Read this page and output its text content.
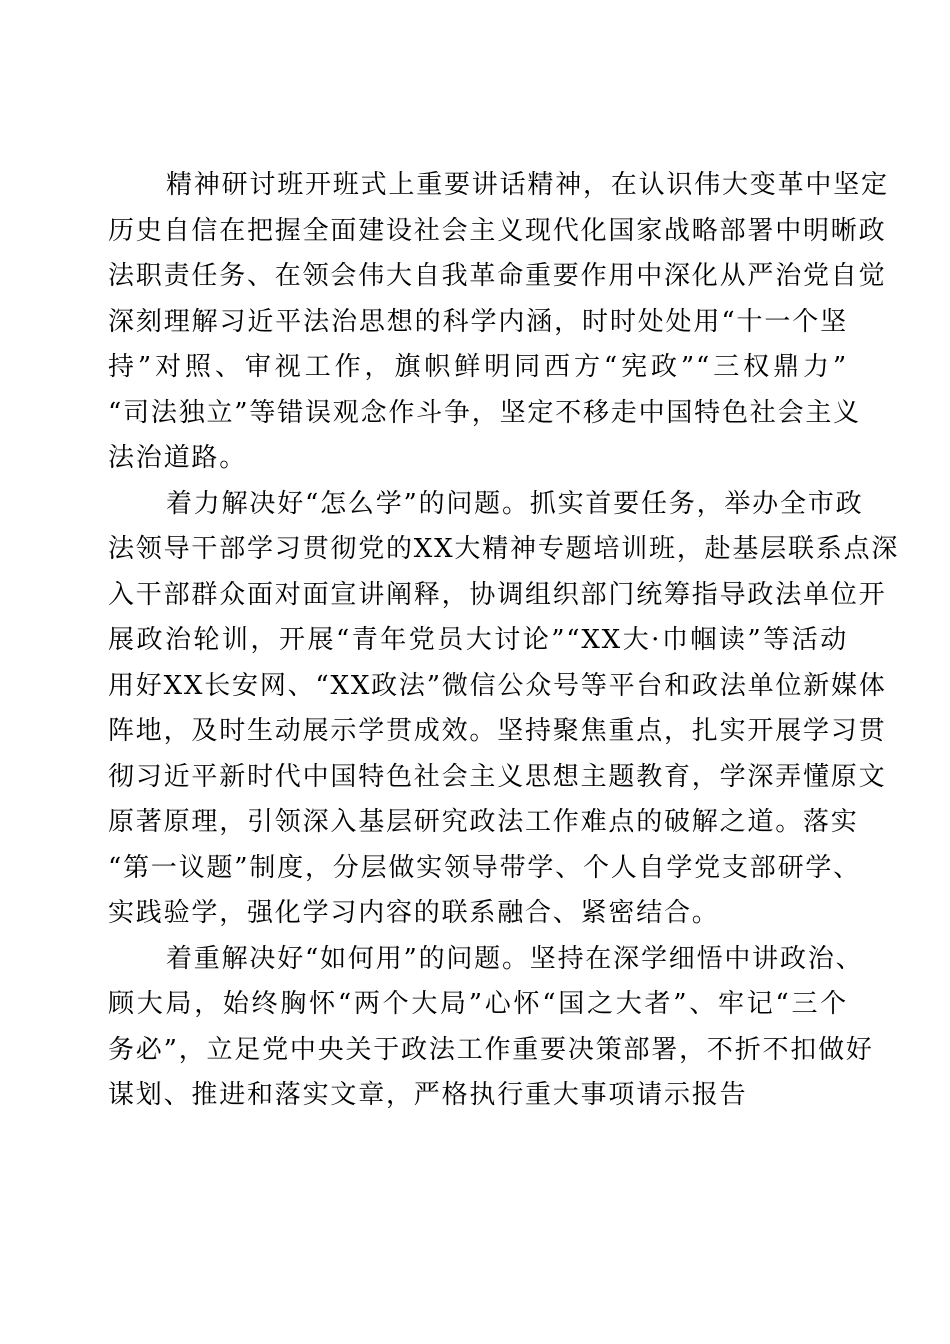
精神研讨班开班式上重要讲话精神，在认识伟大变革中坚定
历史自信在把握全面建设社会主义现代化国家战略部署中明晰政
法职责任务、在领会伟大自我革命重要作用中深化从严治党自觉
深刻理解习近平法治思想的科学内涵，时时处处用“十一个坚
持”对照、审视工作，旗帜鲜明同西方“宪政”“三权鼎力”
“司法独立”等错误观念作斗争，坚定不移走中国特色社会主义
法治道路。
着力解决好“怎么学”的问题。抓实首要任务，举办全市政
法领导干部学习贯彻党的XX大精神专题培训班，赴基层联系点深
入干部群众面对面宣讲阐释，协调组织部门统筹指导政法单位开
展政治轮训，开展“青年党员大讨论”“XX大·巾帼读”等活动
用好XX长安网、“XX政法”微信公众号等平台和政法单位新媒体
阵地，及时生动展示学贯成效。坚持聚焦重点，扎实开展学习贯
彻习近平新时代中国特色社会主义思想主题教育，学深弄懂原文
原著原理，引领深入基层研究政法工作难点的破解之道。落实
“第一议题”制度，分层做实领导带学、个人自学党支部研学、
实践验学，强化学习内容的联系融合、紧密结合。
着重解决好“如何用”的问题。坚持在深学细悟中讲政治、
顾大局，始终胸怀“两个大局”心怀“国之大者”、牢记“三个
务必”，立足党中央关于政法工作重要决策部署，不折不扣做好
谋划、推进和落实文章，严格执行重大事项请示报告
